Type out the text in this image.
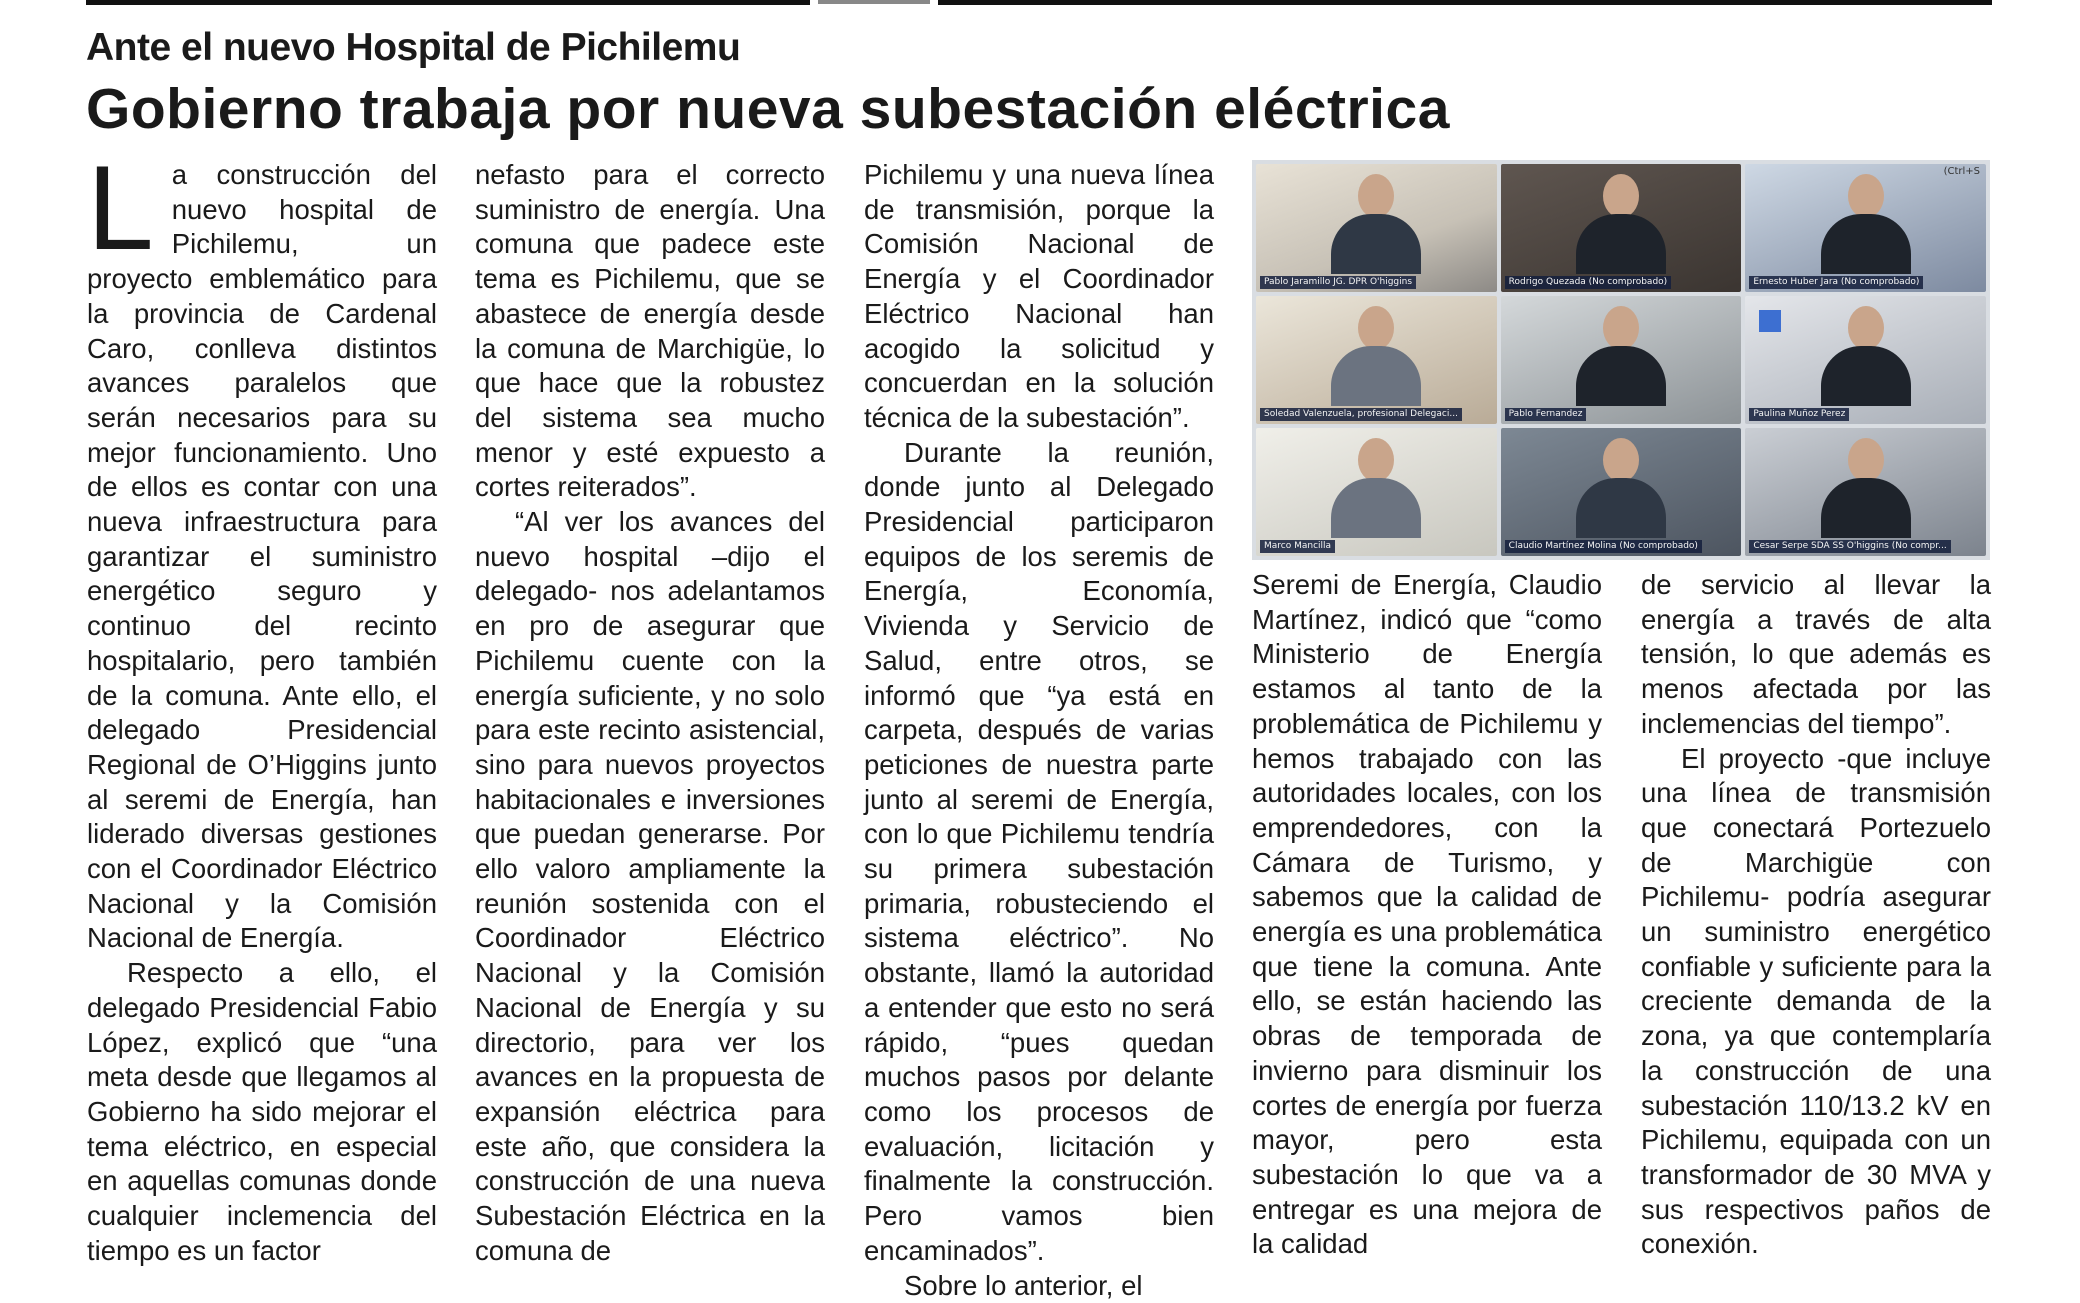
Ante el nuevo Hospital de Pichilemu
Gobierno trabaja por nueva subestación eléctrica

La construcción del nuevo hospital de Pichilemu, un proyecto emblemático para la provincia de Cardenal Caro, conlleva distintos avances paralelos que serán necesarios para su mejor funcionamiento. Uno de ellos es contar con una nueva infraestructura para garantizar el suministro energético seguro y continuo del recinto hospitalario, pero también de la comuna. Ante ello, el delegado Presidencial Regional de O’Higgins junto al seremi de Energía, han liderado diversas gestiones con el Coordinador Eléctrico Nacional y la Comisión Nacional de Energía.

Respecto a ello, el delegado Presidencial Fabio López, explicó que “una meta desde que llegamos al Gobierno ha sido mejorar el tema eléctrico, en especial en aquellas comunas donde cualquier inclemencia del tiempo es un factor

nefasto para el correcto suministro de energía. Una comuna que padece este tema es Pichilemu, que se abastece de energía desde la comuna de Marchigüe, lo que hace que la robustez del sistema sea mucho menor y esté expuesto a cortes reiterados”.

“Al ver los avances del nuevo hospital –dijo el delegado- nos adelantamos en pro de asegurar que Pichilemu cuente con la energía suficiente, y no solo para este recinto asistencial, sino para nuevos proyectos habitacionales e inversiones que puedan generarse. Por ello valoro ampliamente la reunión sostenida con el Coordinador Eléctrico Nacional y la Comisión Nacional de Energía y su directorio, para ver los avances en la propuesta de expansión eléctrica para este año, que considera la construcción de una nueva Subestación Eléctrica en la comuna de

Pichilemu y una nueva línea de transmisión, porque la Comisión Nacional de Energía y el Coordinador Eléctrico Nacional han acogido la solicitud y concuerdan en la solución técnica de la subestación”.

Durante la reunión, donde junto al Delegado Presidencial participaron equipos de los seremis de Energía, Economía, Vivienda y Servicio de Salud, entre otros, se informó que “ya está en carpeta, después de varias peticiones de nuestra parte junto al seremi de Energía, con lo que Pichilemu tendría su primera subestación primaria, robusteciendo el sistema eléctrico”. No obstante, llamó la autoridad a entender que esto no será rápido, “pues quedan muchos pasos por delante como los procesos de evaluación, licitación y finalmente la construcción. Pero vamos bien encaminados”.

Sobre lo anterior, el

Pablo Jaramillo JG. DPR O'higgins	Rodrigo Quezada (No comprobado)
(Ctrl+S
Ernesto Huber Jara (No comprobado)
Soledad Valenzuela, profesional Delegaci...	Pablo Fernandez	Paulina Muñoz Perez
Marco Mancilla	Claudio Martínez Molina (No comprobado)	Cesar Serpe SDA SS O'higgins (No compr...

Seremi de Energía, Claudio Martínez, indicó que “como Ministerio de Energía estamos al tanto de la problemática de Pichilemu y hemos trabajado con las autoridades locales, con los emprendedores, con la Cámara de Turismo, y sabemos que la calidad de energía es una problemática que tiene la comuna. Ante ello, se están haciendo las obras de temporada de invierno para disminuir los cortes de energía por fuerza mayor, pero esta subestación lo que va a entregar es una mejora de la calidad

de servicio al llevar la energía a través de alta tensión, lo que además es menos afectada por las inclemencias del tiempo”.

El proyecto -que incluye una línea de transmisión que conectará Portezuelo de Marchigüe con Pichilemu- podría asegurar un suministro energético confiable y suficiente para la creciente demanda de la zona, ya que contemplaría la construcción de una subestación 110/13.2 kV en Pichilemu, equipada con un transformador de 30 MVA y sus respectivos paños de conexión.
